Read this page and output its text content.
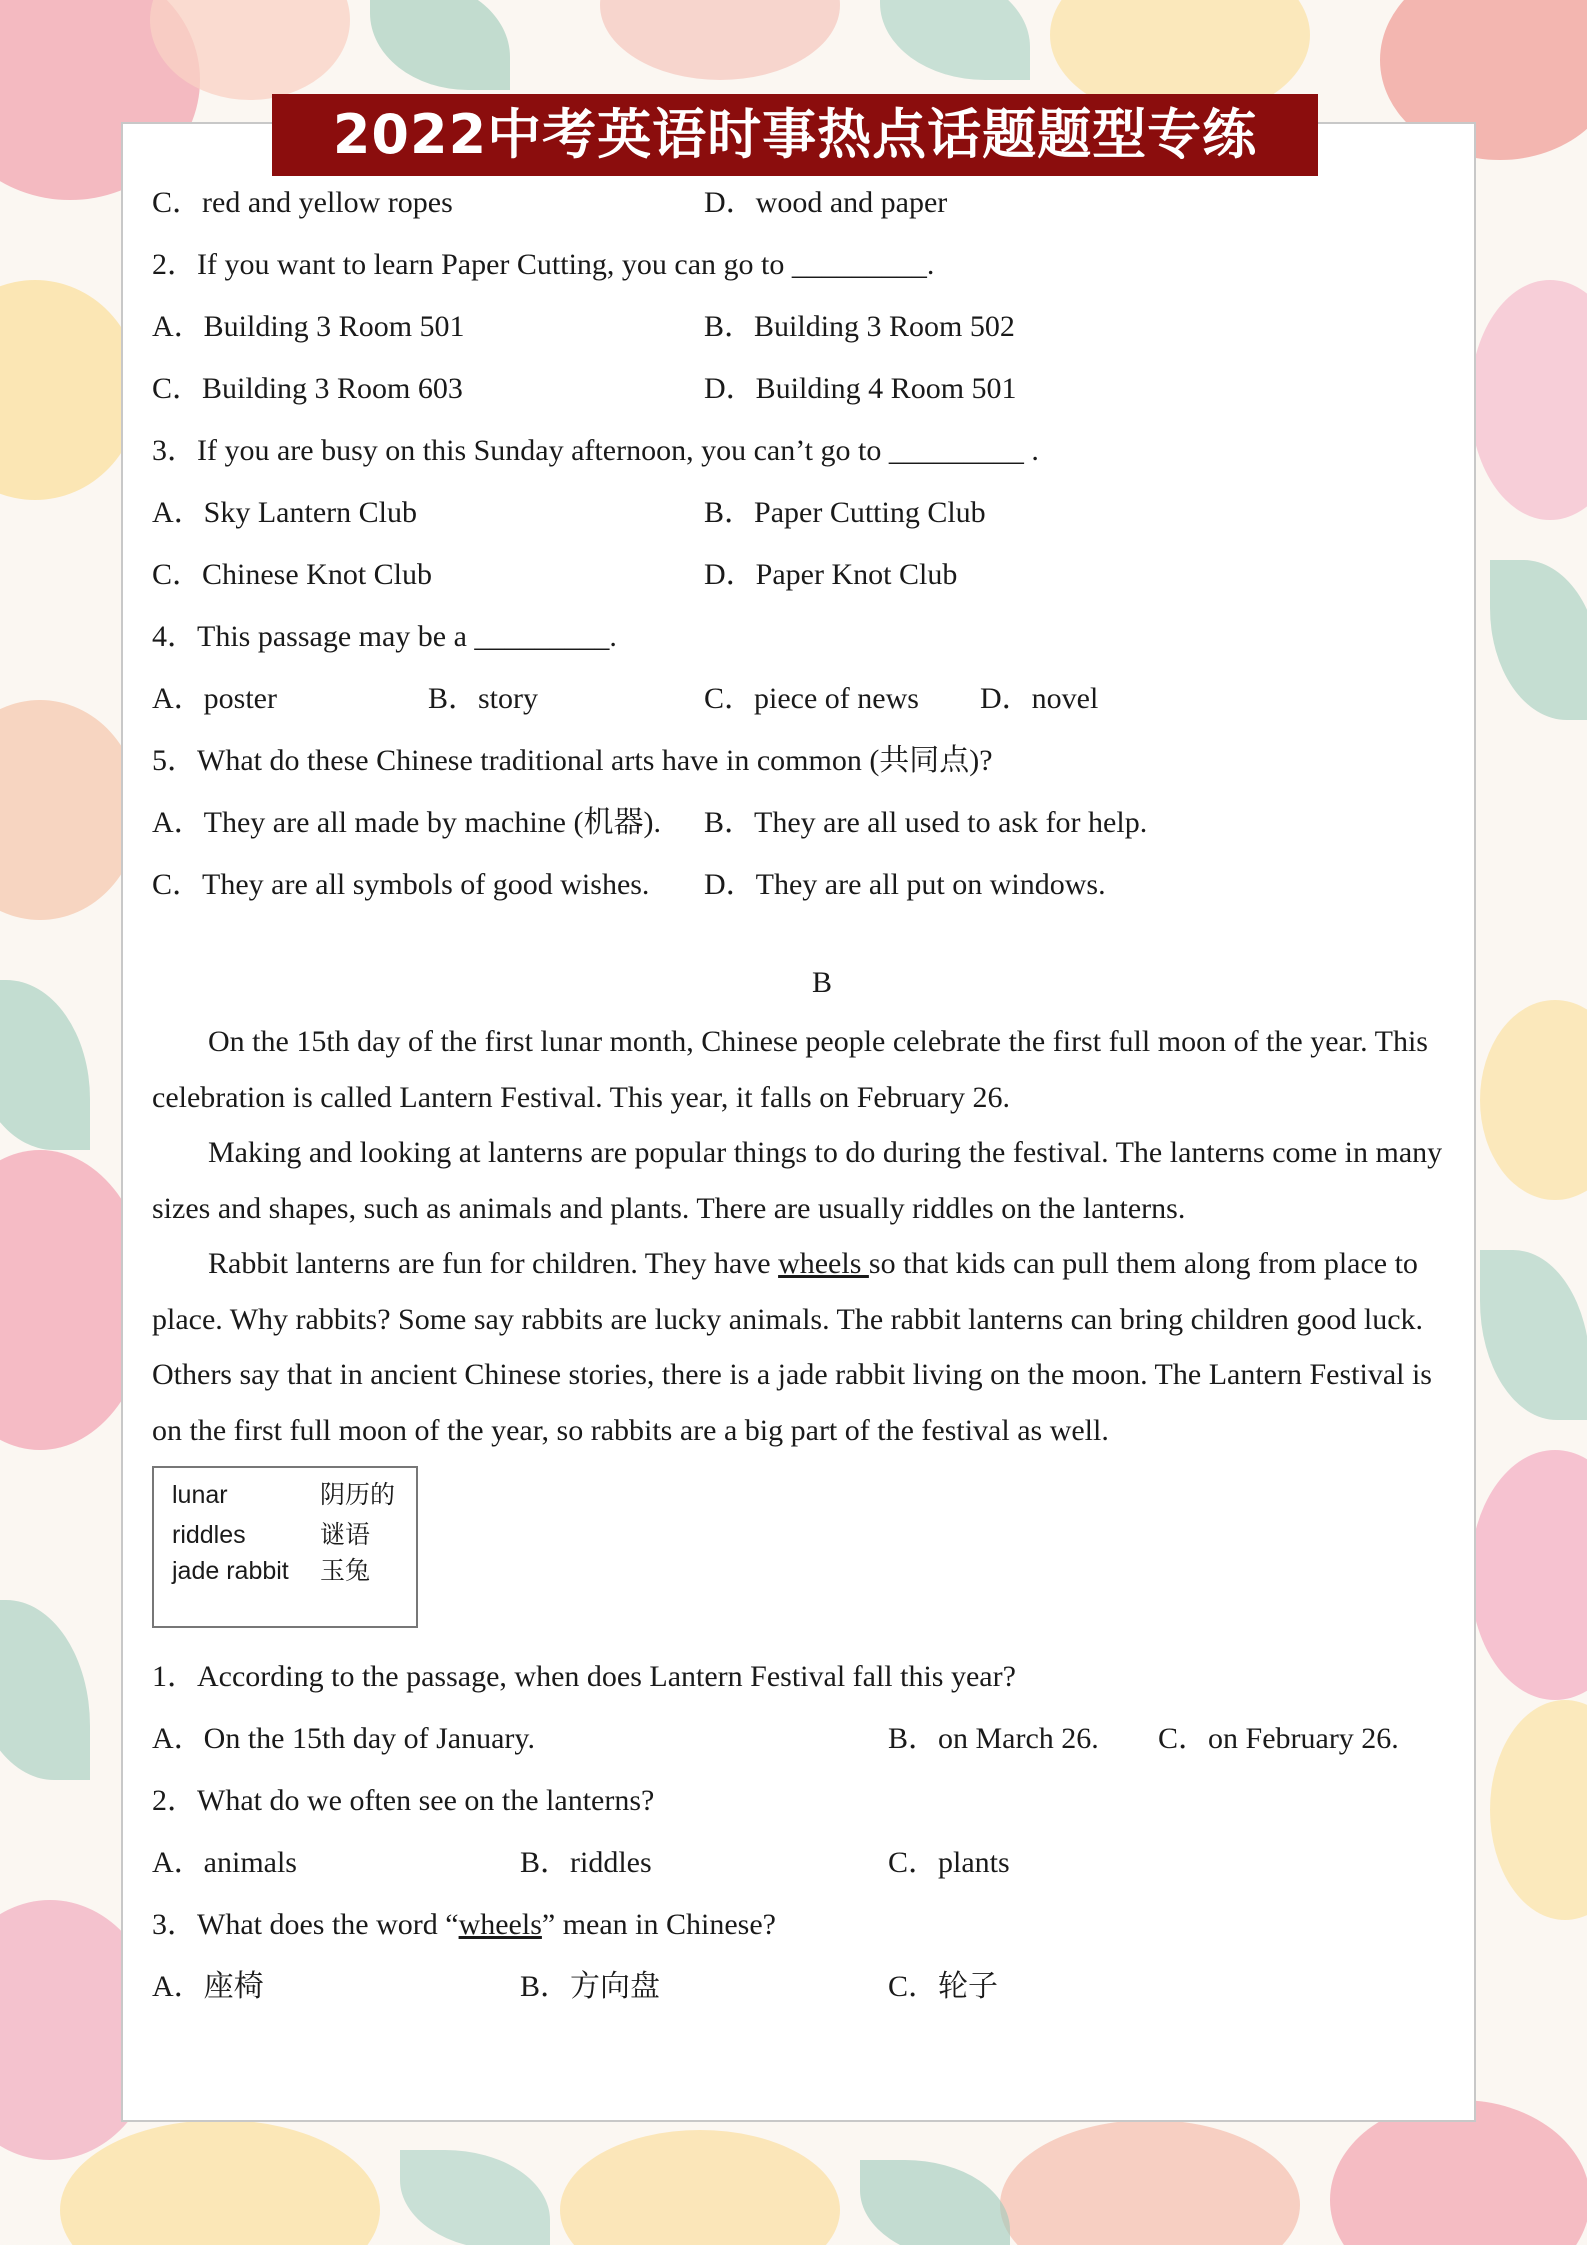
2022中考英语时事热点话题题型专练
C．red and yellow ropes	D．wood and paper
2．If you want to learn Paper Cutting, you can go to _________.
A．Building 3 Room 501	B．Building 3 Room 502
C．Building 3 Room 603	D．Building 4 Room 501
3．If you are busy on this Sunday afternoon, you can’t go to _________ .
A．Sky Lantern Club	B．Paper Cutting Club
C．Chinese Knot Club	D．Paper Knot Club
4．This passage may be a _________.
A．poster	B．story	C．piece of news D．novel
5．What do these Chinese traditional arts have in common (共同点)?
A．They are all made by machine (机器). B．They are all used to ask for help.
C．They are all symbols of good wishes. D．They are all put on windows.
B

On the 15th day of the first lunar month, Chinese people celebrate the first full moon of the year. This celebration is called Lantern Festival. This year, it falls on February 26.

Making and looking at lanterns are popular things to do during the festival. The lanterns come in many sizes and shapes, such as animals and plants. There are usually riddles on the lanterns.

Rabbit lanterns are fun for children. They have wheels so that kids can pull them along from place to place. Why rabbits? Some say rabbits are lucky animals. The rabbit lanterns can bring children good luck. Others say that in ancient Chinese stories, there is a jade rabbit living on the moon. The Lantern Festival is on the first full moon of the year, so rabbits are a big part of the festival as well.

lunar	阴历的
riddles	谜语
jade rabbit 玉兔
1．According to the passage, when does Lantern Festival fall this year?
A．On the 15th day of January.	B．on March 26. C．on February 26.
2．What do we often see on the lanterns?
A．animals	B．riddles	C．plants
3．What does the word “wheels” mean in Chinese?
A．座椅	B．方向盘	C．轮子
